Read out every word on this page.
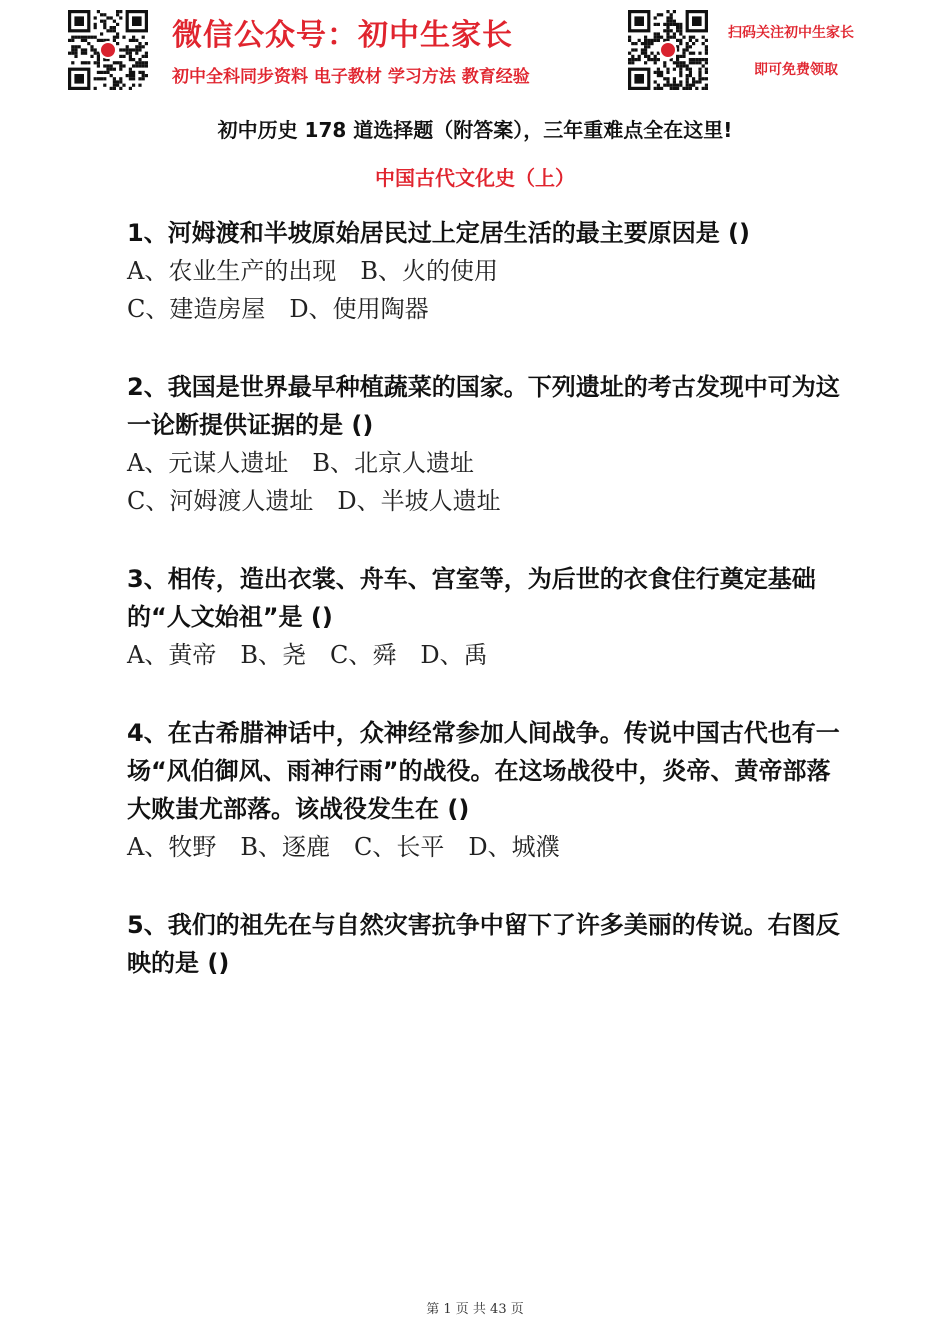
微信公众号：初中生家长
初中全科同步资料 电子教材 学习方法 教育经验
扫码关注初中生家长
即可免费领取
初中历史 178 道选择题（附答案），三年重难点全在这里!
中国古代文化史（上）
1、河姆渡和半坡原始居民过上定居生活的最主要原因是 ()
A、农业生产的出现　B、火的使用
C、建造房屋　D、使用陶器
2、我国是世界最早种植蔬菜的国家。下列遗址的考古发现中可为这一论断提供证据的是 ()
A、元谋人遗址　B、北京人遗址
C、河姆渡人遗址　D、半坡人遗址
3、相传，造出衣裳、舟车、宫室等，为后世的衣食住行奠定基础的“人文始祖”是 ()
A、黄帝　B、尧　C、舜　D、禹
4、在古希腊神话中，众神经常参加人间战争。传说中国古代也有一场“风伯御风、雨神行雨”的战役。在这场战役中，炎帝、黄帝部落大败蚩尤部落。该战役发生在 ()
A、牧野　B、逐鹿　C、长平　D、城濮
5、我们的祖先在与自然灾害抗争中留下了许多美丽的传说。右图反映的是 ()
第 1 页 共 43 页
